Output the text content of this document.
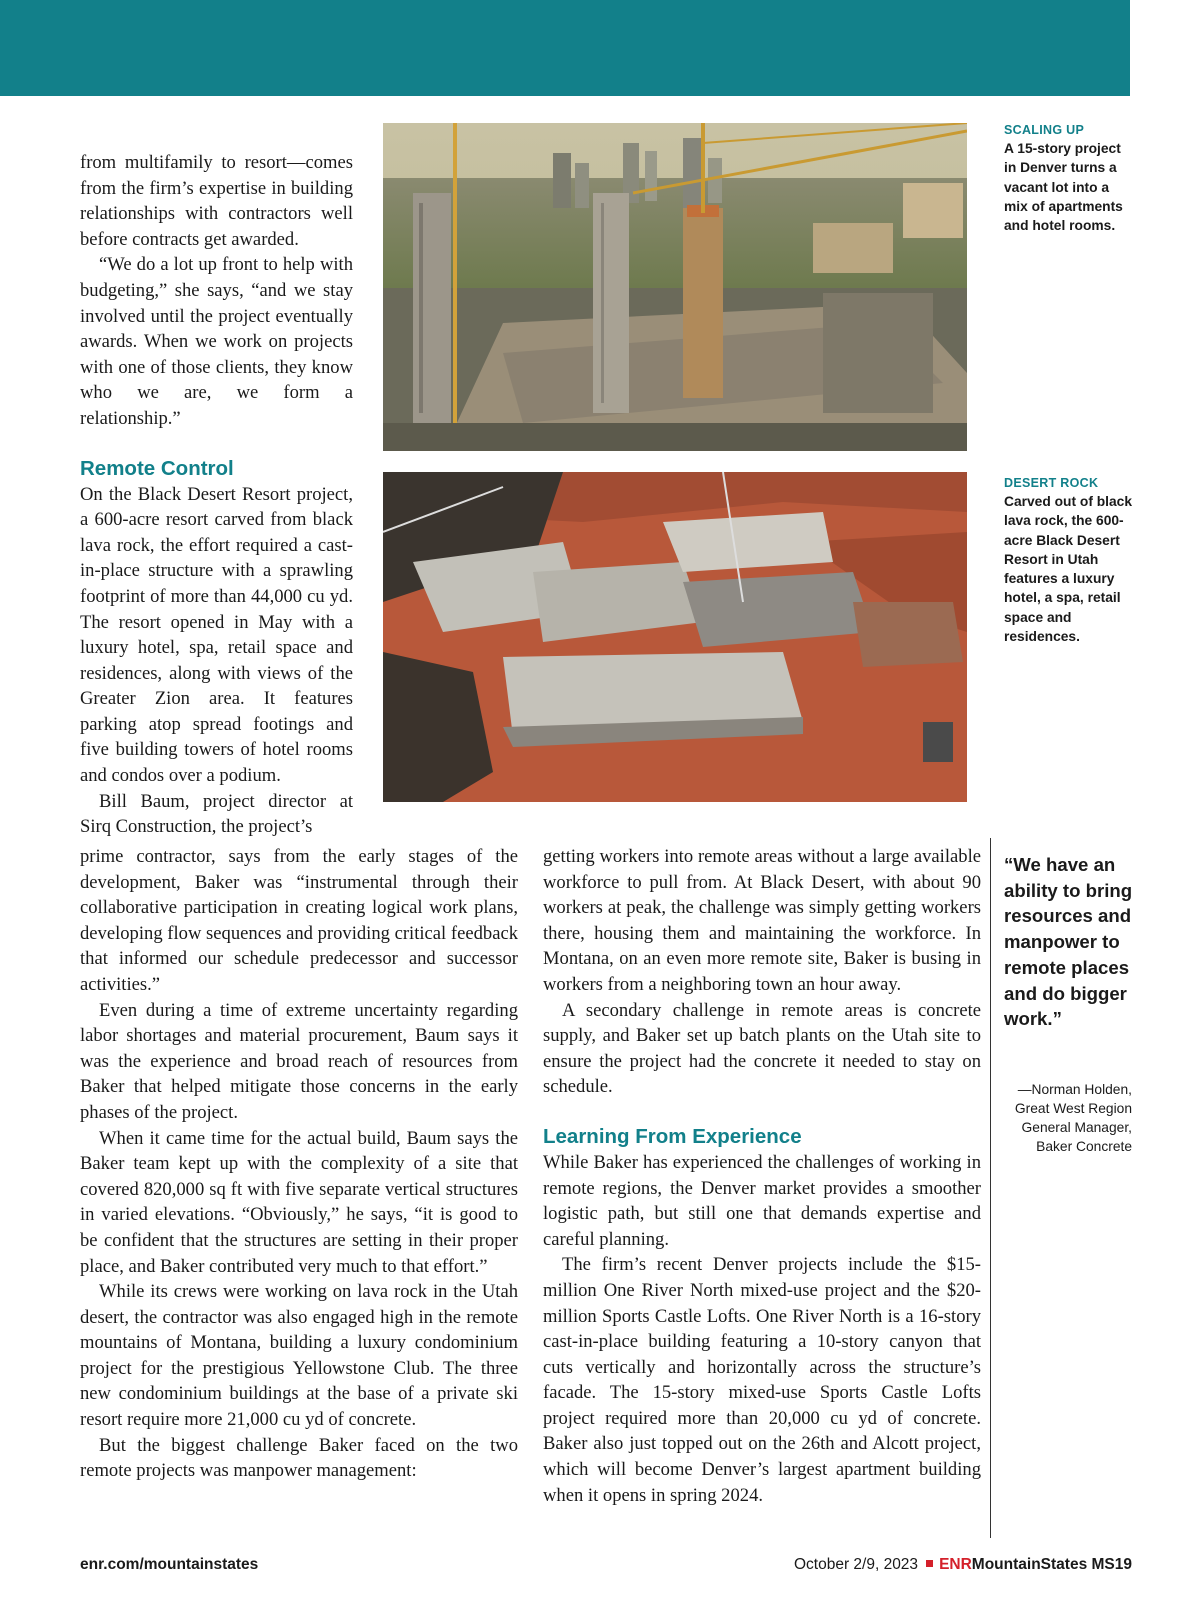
from multifamily to resort—comes from the firm’s expertise in building relationships with contractors well before contracts get awarded.

“We do a lot up front to help with budgeting,” she says, “and we stay involved until the project eventually awards. When we work on projects with one of those clients, they know who we are, we form a relationship.”

Remote Control

On the Black Desert Resort project, a 600-acre resort carved from black lava rock, the effort required a cast-in-place structure with a sprawling footprint of more than 44,000 cu yd. The resort opened in May with a luxury hotel, spa, retail space and residences, along with views of the Greater Zion area. It features parking atop spread footings and five building towers of hotel rooms and condos over a podium.

Bill Baum, project director at Sirq Construction, the project’s

SCALING UP
A 15-story project in Denver turns a vacant lot into a mix of apartments and hotel rooms.
DESERT ROCK
Carved out of black lava rock, the 600-acre Black Desert Resort in Utah features a luxury hotel, a spa, retail space and residences.

prime contractor, says from the early stages of the development, Baker was “instrumental through their collaborative participation in creating logical work plans, developing flow sequences and providing critical feedback that informed our schedule predecessor and successor activities.”

Even during a time of extreme uncertainty regarding labor shortages and material procurement, Baum says it was the experience and broad reach of resources from Baker that helped mitigate those concerns in the early phases of the project.

When it came time for the actual build, Baum says the Baker team kept up with the complexity of a site that covered 820,000 sq ft with five separate vertical structures in varied elevations. “Obviously,” he says, “it is good to be confident that the structures are setting in their proper place, and Baker contributed very much to that effort.”

While its crews were working on lava rock in the Utah desert, the contractor was also engaged high in the remote mountains of Montana, building a luxury condominium project for the prestigious Yellowstone Club. The three new condominium buildings at the base of a private ski resort require more 21,000 cu yd of concrete.

But the biggest challenge Baker faced on the two remote projects was manpower management:

getting workers into remote areas without a large available workforce to pull from. At Black Desert, with about 90 workers at peak, the challenge was simply getting workers there, housing them and maintaining the workforce. In Montana, on an even more remote site, Baker is busing in workers from a neighboring town an hour away.

A secondary challenge in remote areas is concrete supply, and Baker set up batch plants on the Utah site to ensure the project had the concrete it needed to stay on schedule.

Learning From Experience

While Baker has experienced the challenges of working in remote regions, the Denver market provides a smoother logistic path, but still one that demands expertise and careful planning.

The firm’s recent Denver projects include the $15-million One River North mixed-use project and the $20-million Sports Castle Lofts. One River North is a 16-story cast-in-place building featuring a 10-story canyon that cuts vertically and horizontally across the structure’s facade. The 15-story mixed-use Sports Castle Lofts project required more than 20,000 cu yd of concrete. Baker also just topped out on the 26th and Alcott project, which will become Denver’s largest apartment building when it opens in spring 2024.

“We have an ability to bring resources and manpower to remote places and do bigger work.”
—Norman Holden, Great West Region General Manager, Baker Concrete
enr.com/mountainstates	October 2/9, 2023 ENRMountainStates MS19
